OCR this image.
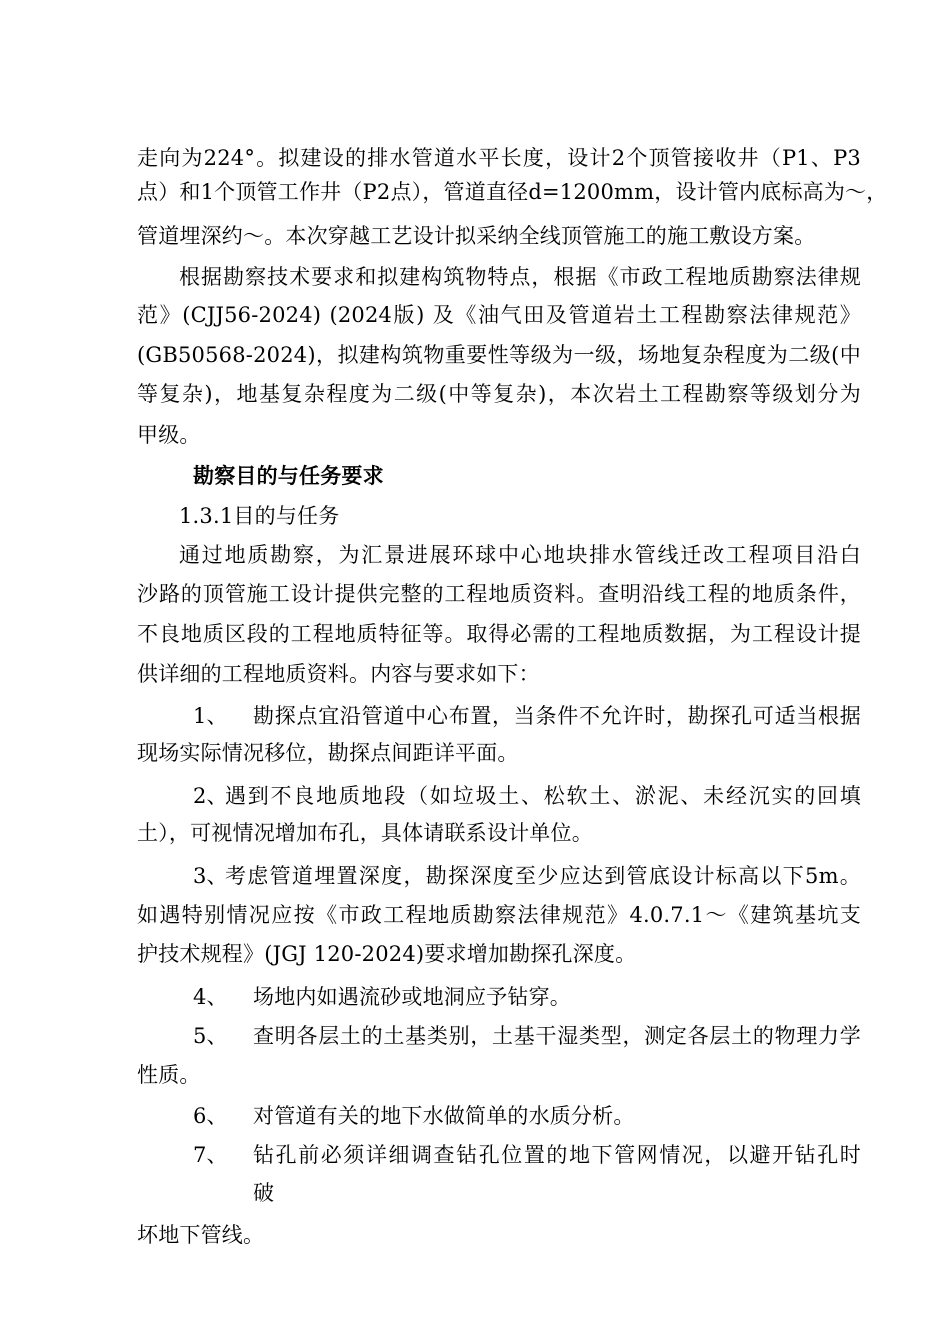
走向为224°。拟建设的排水管道水平长度，设计2个顶管接收井（P1、P3
点）和1个顶管工作井（P2点），管道直径d=1200mm，设计管内底标高为～，
管道埋深约～。本次穿越工艺设计拟采纳全线顶管施工的施工敷设方案。
根据勘察技术要求和拟建构筑物特点，根据《市政工程地质勘察法律规
范》(CJJ56-2024) (2024版) 及《油气田及管道岩土工程勘察法律规范》
(GB50568-2024)，拟建构筑物重要性等级为一级，场地复杂程度为二级(中
等复杂)，地基复杂程度为二级(中等复杂)，本次岩土工程勘察等级划分为
甲级。
勘察目的与任务要求
1.3.1目的与任务
通过地质勘察，为汇景进展环球中心地块排水管线迁改工程项目沿白
沙路的顶管施工设计提供完整的工程地质资料。查明沿线工程的地质条件，
不良地质区段的工程地质特征等。取得必需的工程地质数据，为工程设计提
供详细的工程地质资料。内容与要求如下：
1、	勘探点宜沿管道中心布置，当条件不允许时，勘探孔可适当根据
现场实际情况移位，勘探点间距详平面。
2、
遇到不良地质地段（如垃圾土、松软土、淤泥、未经沉实的回填
土），可视情况增加布孔，具体请联系设计单位。
3、
考虑管道埋置深度，勘探深度至少应达到管底设计标高以下5m。
如遇特别情况应按《市政工程地质勘察法律规范》4.0.7.1～《建筑基坑支
护技术规程》(JGJ 120-2024)要求增加勘探孔深度。
4、	场地内如遇流砂或地洞应予钻穿。
5、	查明各层土的土基类别，土基干湿类型，测定各层土的物理力学
性质。
6、	对管道有关的地下水做简单的水质分析。
7、	钻孔前必须详细调查钻孔位置的地下管网情况，以避开钻孔时
破
坏地下管线。
